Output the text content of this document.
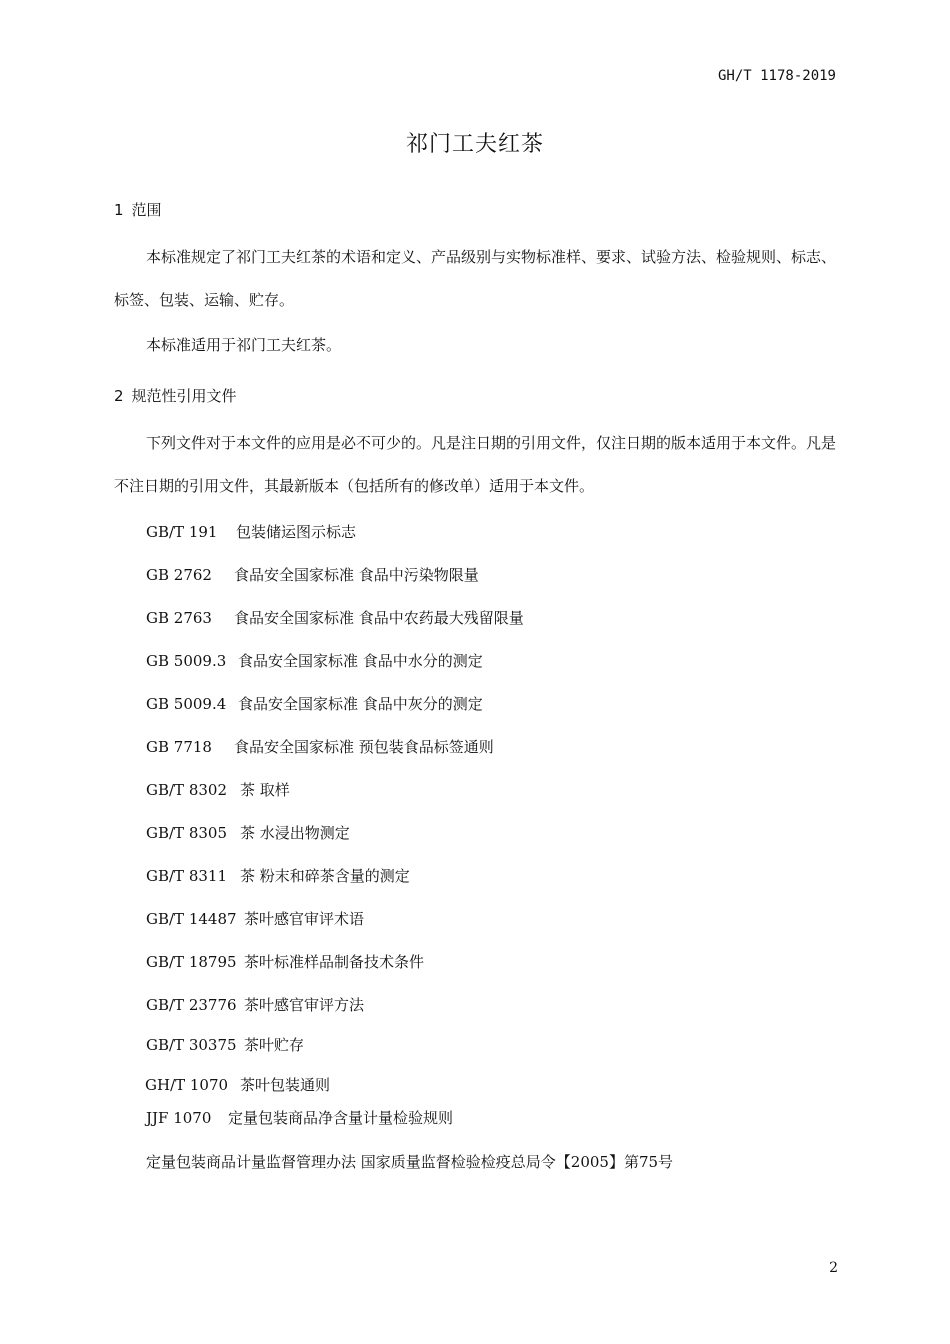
GH/T 1178-2019
祁门工夫红茶
1 范围
本标准规定了祁门工夫红茶的术语和定义、产品级别与实物标准样、要求、试验方法、检验规则、标志、标签、包装、运输、贮存。
本标准适用于祁门工夫红茶。
2 规范性引用文件
下列文件对于本文件的应用是必不可少的。凡是注日期的引用文件，仅注日期的版本适用于本文件。凡是不注日期的引用文件，其最新版本（包括所有的修改单）适用于本文件。
GB/T 191 包装储运图示标志
GB 2762 食品安全国家标准 食品中污染物限量
GB 2763 食品安全国家标准 食品中农药最大残留限量
GB 5009.3 食品安全国家标准 食品中水分的测定
GB 5009.4 食品安全国家标准 食品中灰分的测定
GB 7718 食品安全国家标准 预包装食品标签通则
GB/T 8302 茶 取样
GB/T 8305 茶 水浸出物测定
GB/T 8311 茶 粉末和碎茶含量的测定
GB/T 14487 茶叶感官审评术语
GB/T 18795 茶叶标准样品制备技术条件
GB/T 23776 茶叶感官审评方法
GB/T 30375 茶叶贮存
GH/T 1070 茶叶包装通则
JJF 1070 定量包装商品净含量计量检验规则
定量包装商品计量监督管理办法 国家质量监督检验检疫总局令【2005】第75号
2
